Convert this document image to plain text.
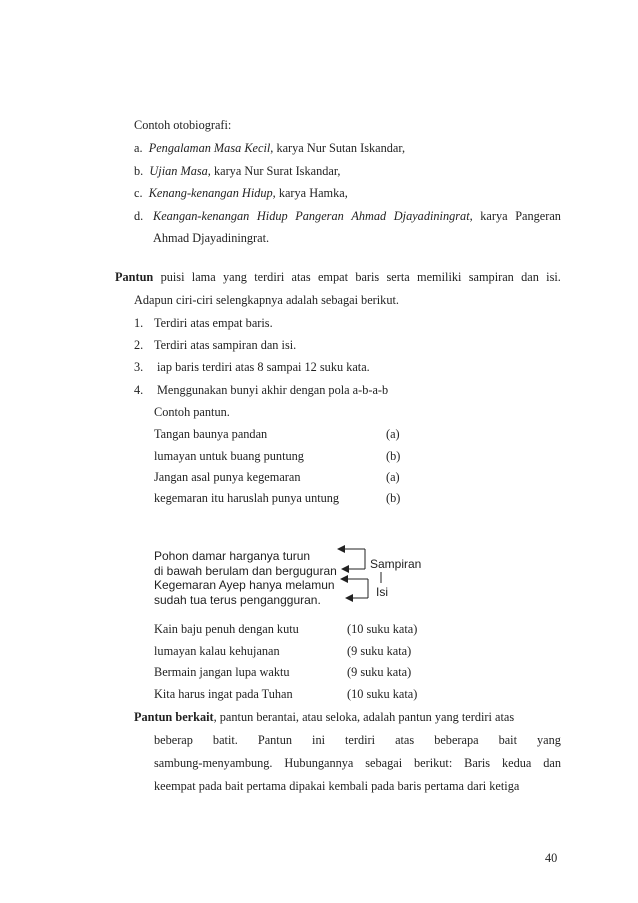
Contoh otobiografi:
a. Pengalaman Masa Kecil, karya Nur Sutan Iskandar,
b. Ujian Masa, karya Nur Surat Iskandar,
c. Kenang-kenangan Hidup, karya Hamka,
d. Keangan-kenangan Hidup Pangeran Ahmad Djayadiningrat, karya Pangeran
Ahmad Djayadiningrat.
Pantun puisi lama yang terdiri atas empat baris serta memiliki sampiran dan isi.
Adapun ciri-ciri selengkapnya adalah sebagai berikut.
1. Terdiri atas empat baris.
2. Terdiri atas sampiran dan isi.
3. iap baris terdiri atas 8 sampai 12 suku kata.
4. Menggunakan bunyi akhir dengan pola a-b-a-b
Contoh pantun.
Tangan baunya pandan	(a)
lumayan untuk buang puntung	(b)
Jangan asal punya kegemaran	(a)
kegemaran itu haruslah punya untung	(b)
Pohon damar harganya turun
di bawah berulam dan berguguran
Kegemaran Ayep hanya melamun
sudah tua terus pengangguran.
Sampiran
Isi
Kain baju penuh dengan kutu	(10 suku kata)
lumayan kalau kehujanan	(9 suku kata)
Bermain jangan lupa waktu	(9 suku kata)
Kita harus ingat pada Tuhan	(10 suku kata)
Pantun berkait, pantun berantai, atau seloka, adalah pantun yang terdiri atas
beberap batit. Pantun ini terdiri atas beberapa bait yang
sambung-menyambung. Hubungannya sebagai berikut: Baris kedua dan
keempat pada bait pertama dipakai kembali pada baris pertama dari ketiga
40
